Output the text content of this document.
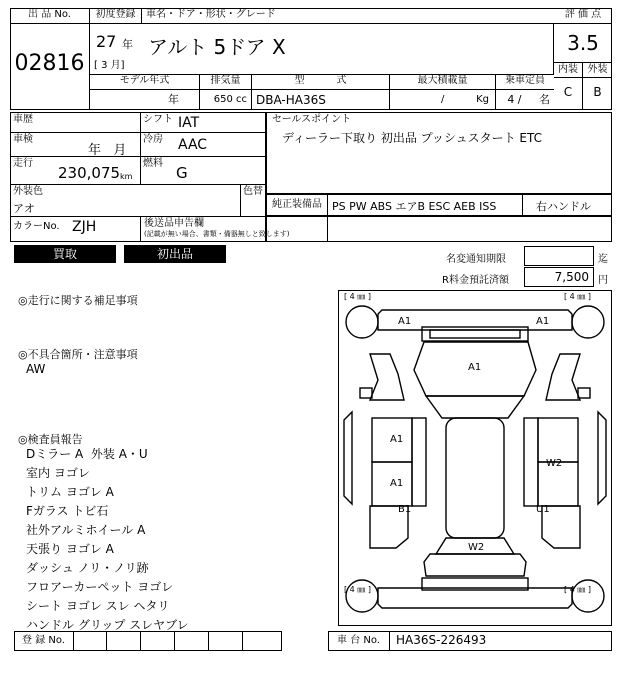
出 品 No.
02816
初度登録
27 年
[ 3 月]
車名・ドア・形状・グレード
アルト 5ドア X
評 価 点
3.5
内装 外装
C	B
モデル年式
年
排気量
650 cc
型          式
DBA-HA36S
最大積載量
/          Kg
乗車定員
4 /     名
車歴	シフト IAT
車検
年   月
冷房 AAC
走行
230,075 km
燃料
G
外装色
アオ
色替
カラーNo. ZJH	後送品申告欄
(記載が無い場合、書類・備器無しと致します)
セールスポイント
ディーラー下取り 初出品 プッシュスタート ETC
純正装備品 PS PW ABS エアB ESC AEB ISS	右ハンドル
買取	初出品	名変通知期限	迄
R料金預託済額	7,500 円
◎走行に関する補足事項
◎不具合箇所・注意事項
AW
◎検査員報告
Dミラー A  外装 A・U
室内 ヨゴレ
トリム ヨゴレ A
Fガラス トビ石
社外アルミホイール A
天張り ヨゴレ A
ダッシュ ノリ・ノリ跡
フロアーカーペット ヨゴレ
シート ヨゴレ スレ ヘタリ
ハンドル グリップ スレヤブレ
[ 4 ㎜ ]	[ 4 ㎜ ]
[ 4 ㎜ ]	[ 4 ㎜ ]
A1	A1
A1
A1
A1
W2
B1	U1
W2
登 録 No.	車 台 No.	HA36S-226493
